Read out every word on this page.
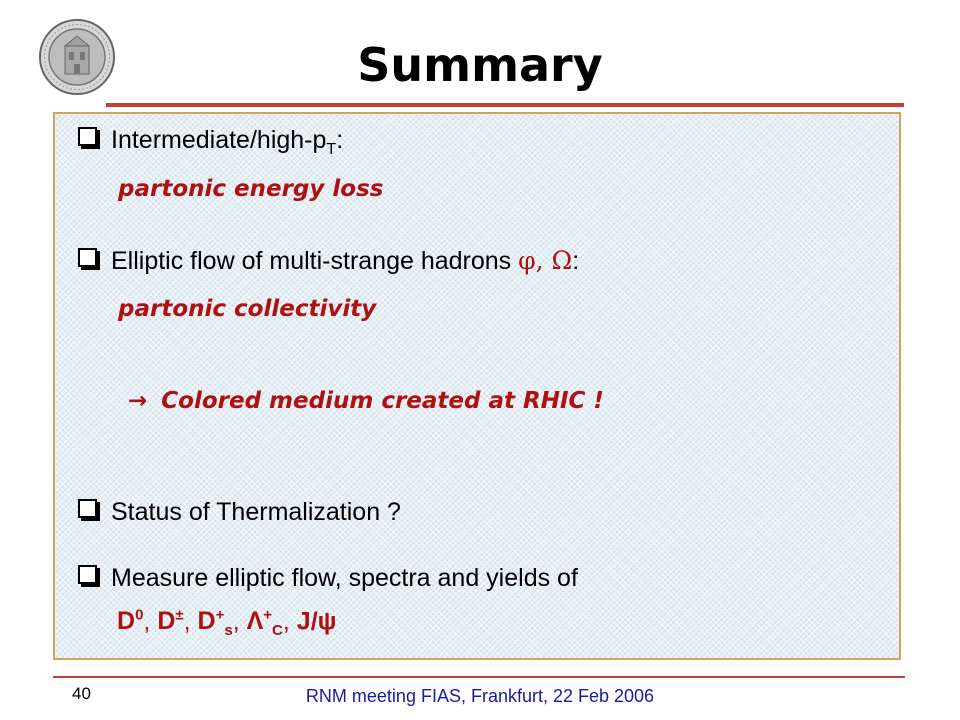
Summary
Intermediate/$high-p_T$:
partonic energy loss
Elliptic flow of multi-strange hadrons φ, Ω:
partonic collectivity
→ Colored medium created at RHIC !
Status of Thermalization ?
Measure elliptic flow, spectra and yields of
$D^0$, D±, $D^+_s$, $\Lambda^+_C$, J/ψ
40	RNM meeting FIAS, Frankfurt, 22 Feb 2006
